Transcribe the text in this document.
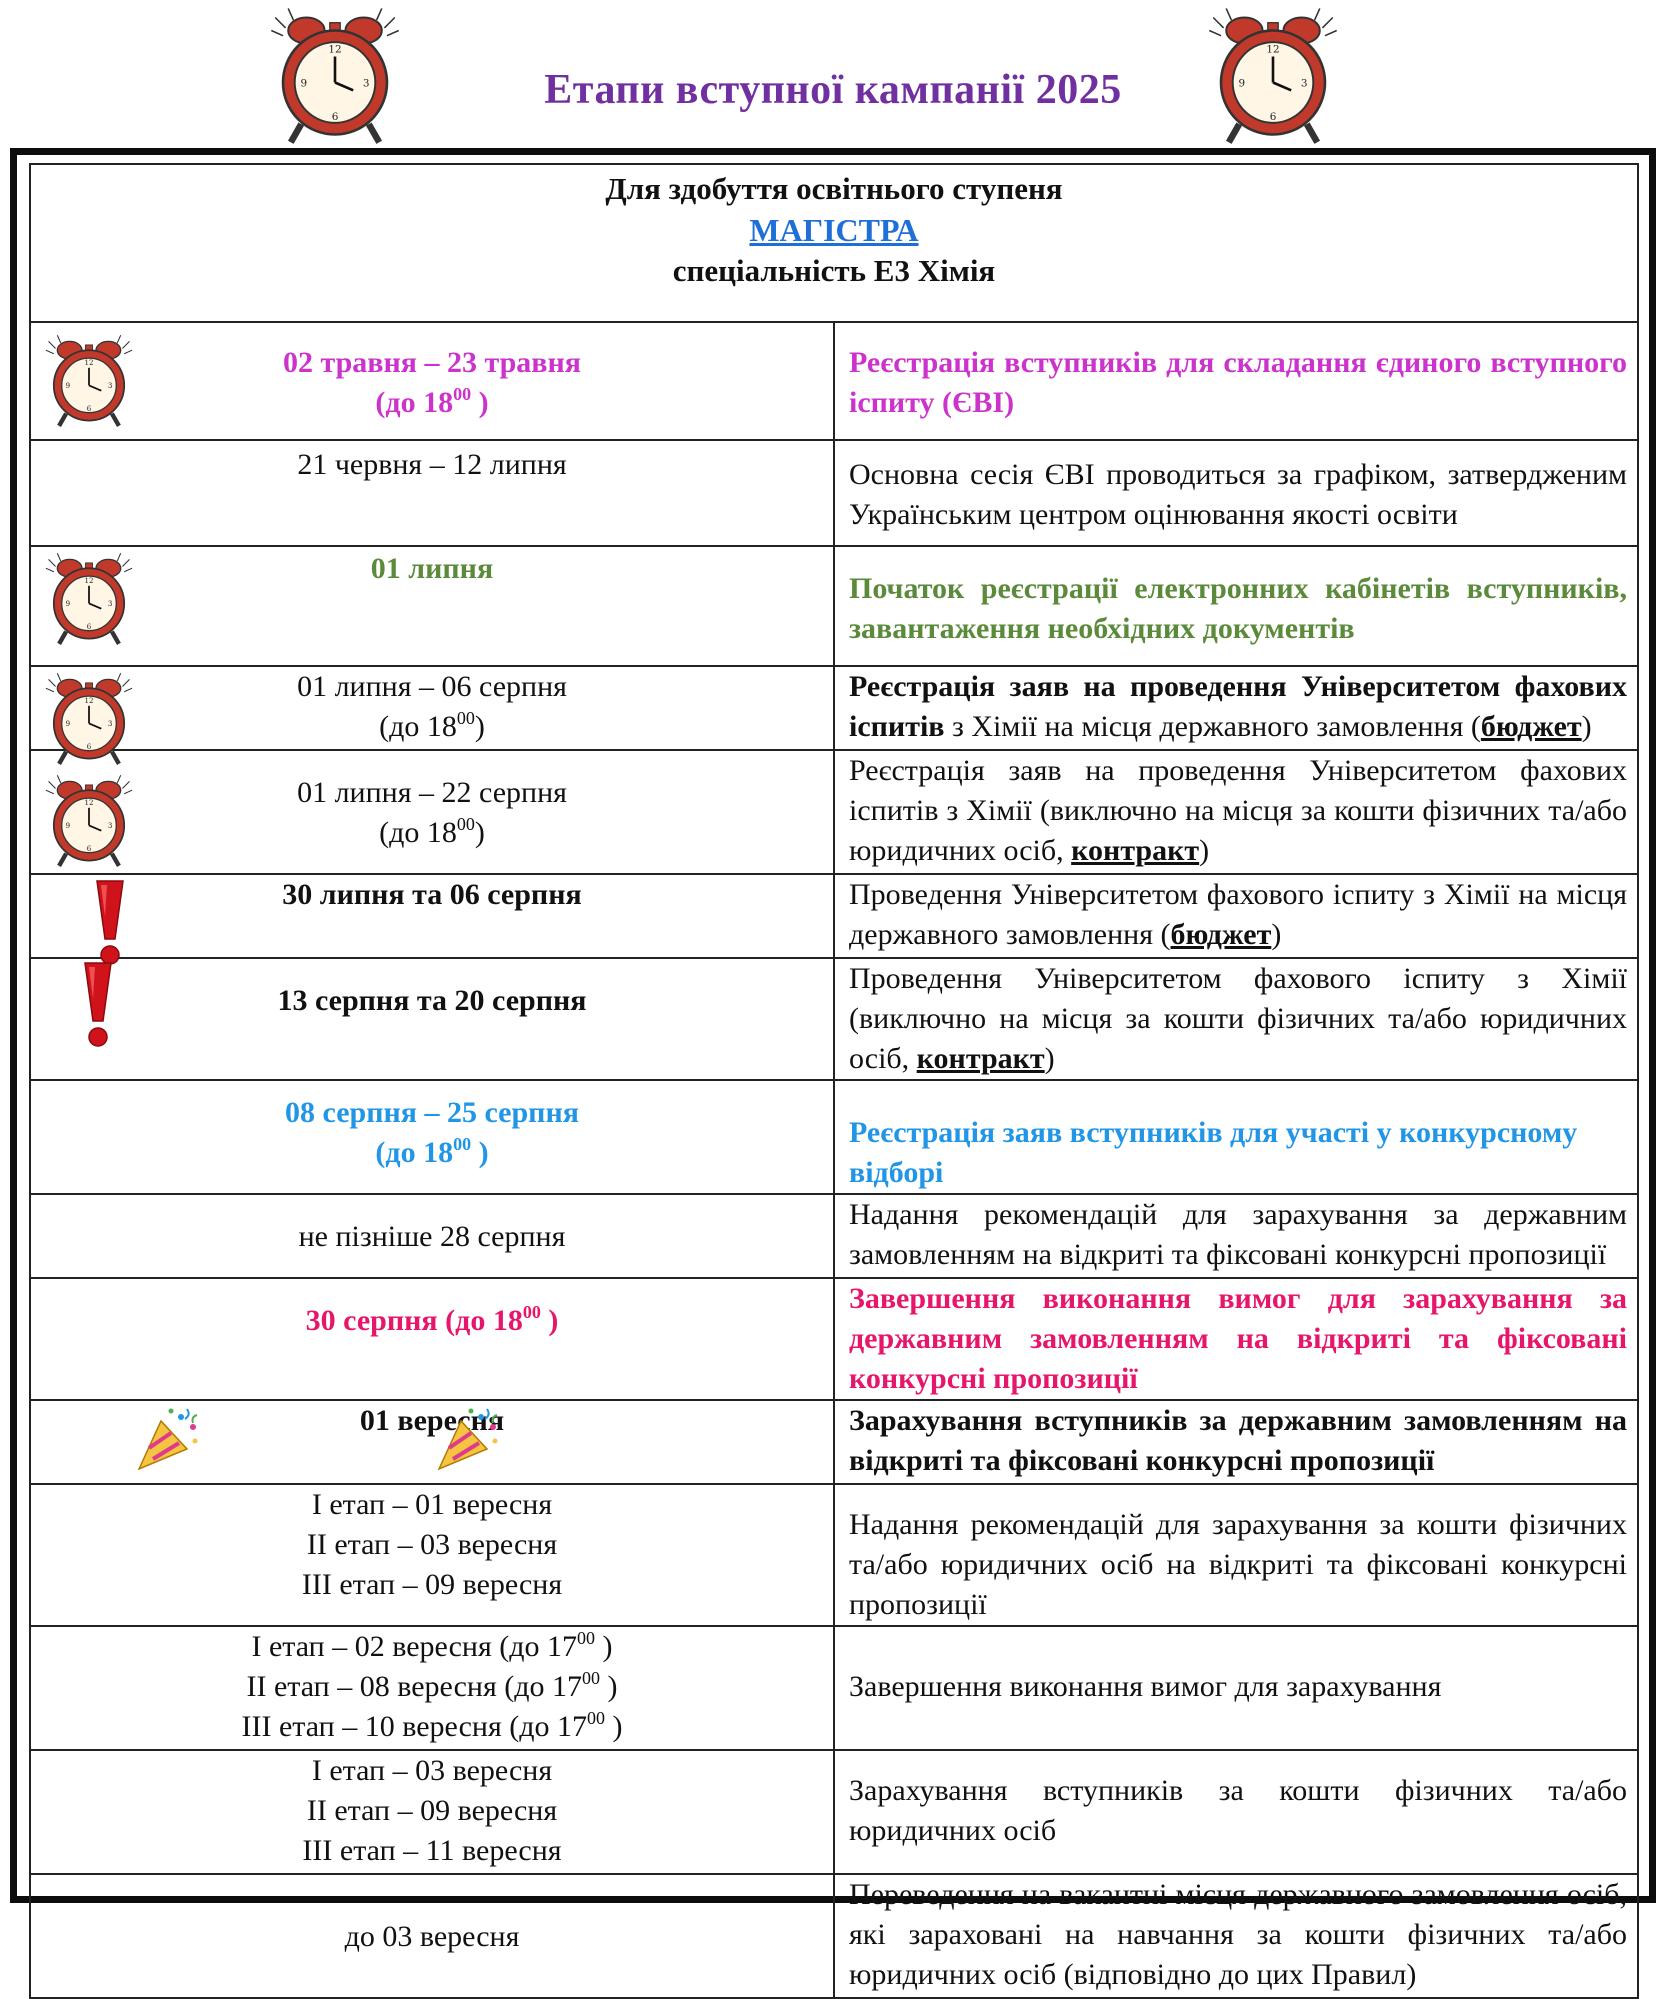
Етапи вступної кампанії 2025
Для здобуття освітнього ступеня
МАГІСТРА
спеціальність Е3 Хімія	

02 травня – 23 травня
(до $18^{00}$ )	Реєстрація вступників для складання єдиного вступного іспиту (ЄВІ)

21 червня – 12 липня	Основна сесія ЄВІ проводиться за графіком, затвердженим Українським центром оцінювання якості освіти

01 липня	Початок реєстрації електронних кабінетів вступників, завантаження необхідних документів

01 липня – 06 серпня
(до $18^{00}$)	Реєстрація заяв на проведення Університетом фахових іспитів з Хімії на місця державного замовлення (бюджет)

01 липня – 22 серпня
(до $18^{00}$)	Реєстрація заяв на проведення Університетом фахових іспитів з Хімії (виключно на місця за кошти фізичних та/або юридичних осіб, контракт)

30 липня та 06 серпня	Проведення Університетом фахового іспиту з Хімії на місця державного замовлення (бюджет)

13 серпня та 20 серпня	Проведення Університетом фахового іспиту з Хімії (виключно на місця за кошти фізичних та/або юридичних осіб, контракт)

08 серпня – 25 серпня
(до $18^{00}$ )	Реєстрація заяв вступників для участі у конкурсному відборі

не пізніше 28 серпня	Надання рекомендацій для зарахування за державним замовленням на відкриті та фіксовані конкурсні пропозиції

30 серпня (до $18^{00}$ )	Завершення виконання вимог для зарахування за державним замовленням на відкриті та фіксовані конкурсні пропозиції

01 вересня	Зарахування вступників за державним замовленням на відкриті та фіксовані конкурсні пропозиції

І етап – 01 вересня
ІІ етап – 03 вересня
ІІІ етап – 09 вересня	Надання рекомендацій для зарахування за кошти фізичних та/або юридичних осіб на відкриті та фіксовані конкурсні пропозиції

І етап – 02 вересня (до $17^{00}$ )
ІІ етап – 08 вересня (до $17^{00}$ )
ІІІ етап – 10 вересня (до $17^{00}$ )	Завершення виконання вимог для зарахування

І етап – 03 вересня
ІІ етап – 09 вересня
ІІІ етап – 11 вересня	Зарахування вступників за кошти фізичних та/або юридичних осіб

до 03 вересня	Переведення на вакантні місця державного замовлення осіб, які зараховані на навчання за кошти фізичних та/або юридичних осіб (відповідно до цих Правил)
